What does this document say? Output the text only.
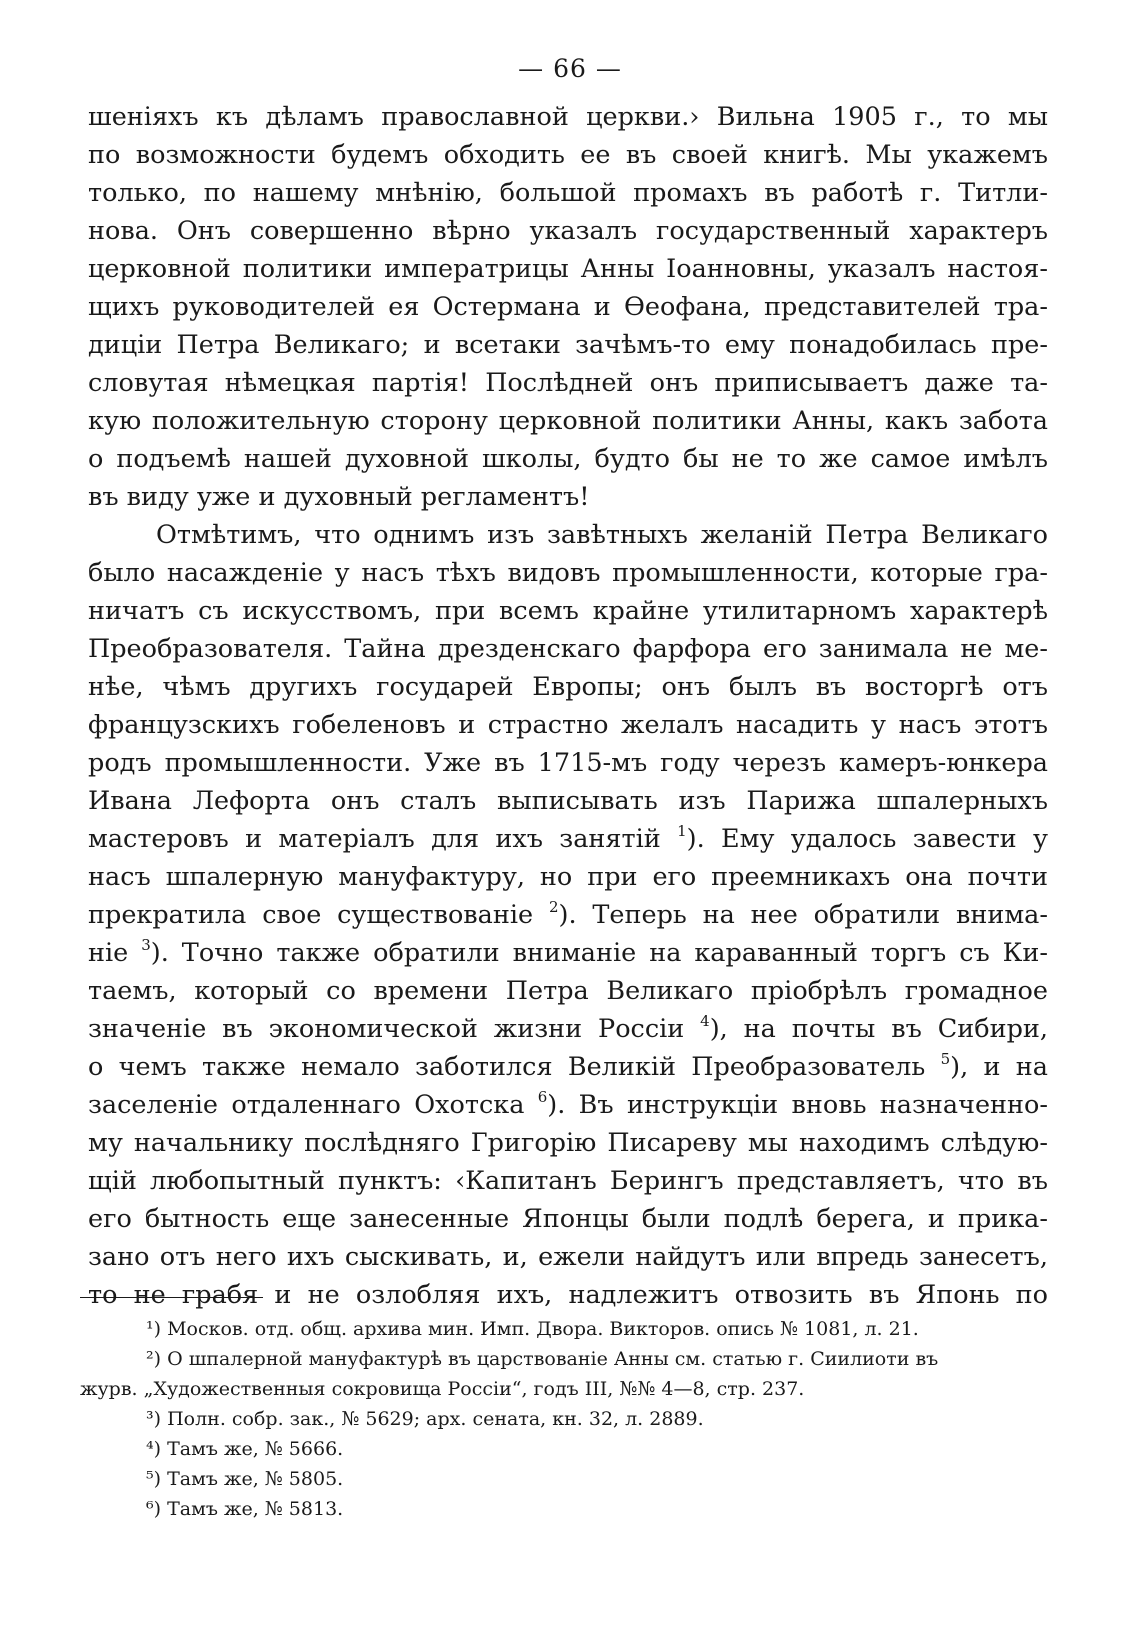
— 66 —
шеніяхъ къ дѣламъ православной церкви.› Вильна 1905 г., то мы
по возможности будемъ обходить ее въ своей книгѣ. Мы укажемъ
только, по нашему мнѣнію, большой промахъ въ работѣ г. Титли-
нова. Онъ совершенно вѣрно указалъ государственный характеръ
церковной политики императрицы Анны Іоанновны, указалъ настоя-
щихъ руководителей ея Остермана и Ѳеофана, представителей тра-
диціи Петра Великаго; и всетаки зачѣмъ-то ему понадобилась пре-
словутая нѣмецкая партія! Послѣдней онъ приписываетъ даже та-
кую положительную сторону церковной политики Анны, какъ забота
о подъемѣ нашей духовной школы, будто бы не то же самое имѣлъ
въ виду уже и духовный регламентъ!
Отмѣтимъ, что однимъ изъ завѣтныхъ желаній Петра Великаго
было насажденіе у насъ тѣхъ видовъ промышленности, которые гра-
ничатъ съ искусствомъ, при всемъ крайне утилитарномъ характерѣ
Преобразователя. Тайна дрезденскаго фарфора его занимала не ме-
нѣе, чѣмъ другихъ государей Европы; онъ былъ въ восторгѣ отъ
французскихъ гобеленовъ и страстно желалъ насадить у насъ этотъ
родъ промышленности. Уже въ 1715-мъ году черезъ камеръ-юнкера
Ивана Лефорта онъ сталъ выписывать изъ Парижа шпалерныхъ
мастеровъ и матеріалъ для ихъ занятій $^1$). Ему удалось завести у
насъ шпалерную мануфактуру, но при его преемникахъ она почти
прекратила свое существованіе $^2$). Теперь на нее обратили внима-
ніе $^3$). Точно также обратили вниманіе на караванный торгъ съ Ки-
таемъ, который со времени Петра Великаго пріобрѣлъ громадное
значеніе въ экономической жизни Россіи $^4$), на почты въ Сибири,
о чемъ также немало заботился Великій Преобразователь $^5$), и на
заселеніе отдаленнаго Охотска $^6$). Въ инструкціи вновь назначенно-
му начальнику послѣдняго Григорію Писареву мы находимъ слѣдую-
щій любопытный пунктъ: ‹Капитанъ Берингъ представляетъ, что въ
его бытность еще занесенные Японцы были подлѣ берега, и прика-
зано отъ него ихъ сыскивать, и, ежели найдутъ или впредь занесетъ,
то не грабя и не озлобляя ихъ, надлежитъ отвозить въ Японь по
¹) Москов. отд. общ. архива мин. Имп. Двора. Викторов. опись № 1081, л. 21.
²) О шпалерной мануфактурѣ въ царствованіе Анны см. статью г. Сиилиоти въ
журв. „Художественныя сокровища Россіи“, годъ III, №№ 4—8, стр. 237.
³) Полн. собр. зак., № 5629; арх. сената, кн. 32, л. 2889.
⁴) Тамъ же, № 5666.
⁵) Тамъ же, № 5805.
⁶) Тамъ же, № 5813.
